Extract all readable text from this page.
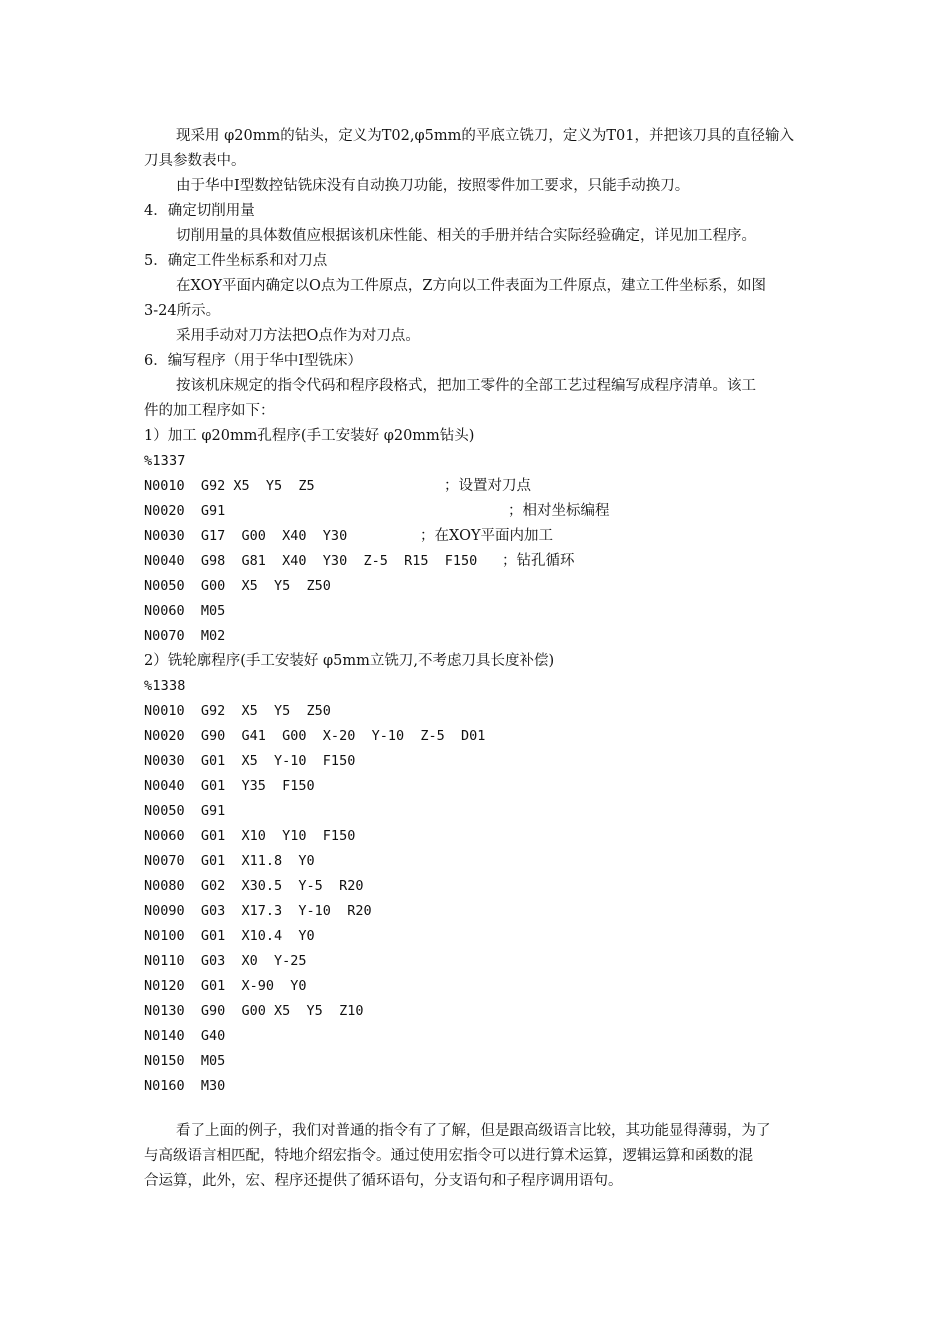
现采用 φ20mm的钻头，定义为T02,φ5mm的平底立铣刀，定义为T01，并把该刀具的直径输入
刀具参数表中。
由于华中Ⅰ型数控钻铣床没有自动换刀功能，按照零件加工要求，只能手动换刀。
4．确定切削用量
切削用量的具体数值应根据该机床性能、相关的手册并结合实际经验确定，详见加工程序。
5．确定工件坐标系和对刀点
在XOY平面内确定以O点为工件原点，Z方向以工件表面为工件原点，建立工件坐标系，如图
3-24所示。
采用手动对刀方法把O点作为对刀点。
6．编写程序（用于华中Ⅰ型铣床）
按该机床规定的指令代码和程序段格式，把加工零件的全部工艺过程编写成程序清单。该工
件的加工程序如下：
1）加工 φ20mm孔程序(手工安装好 φ20mm钻头)
%1337
N0010  G92 X5  Y5  Z5	；设置对刀点
N0020  G91	；相对坐标编程
N0030  G17  G00  X40  Y30	；在XOY平面内加工
N0040  G98  G81  X40  Y30  Z-5  R15  F150 ；钻孔循环
N0050  G00  X5  Y5  Z50
N0060  M05
N0070  M02
2）铣轮廓程序(手工安装好 φ5mm立铣刀,不考虑刀具长度补偿)
%1338
N0010  G92  X5  Y5  Z50
N0020  G90  G41  G00  X-20  Y-10  Z-5  D01
N0030  G01  X5  Y-10  F150
N0040  G01  Y35  F150
N0050  G91
N0060  G01  X10  Y10  F150
N0070  G01  X11.8  Y0
N0080  G02  X30.5  Y-5  R20
N0090  G03  X17.3  Y-10  R20
N0100  G01  X10.4  Y0
N0110  G03  X0  Y-25
N0120  G01  X-90  Y0
N0130  G90  G00 X5  Y5  Z10
N0140  G40
N0150  M05
N0160  M30
看了上面的例子，我们对普通的指令有了了解，但是跟高级语言比较，其功能显得薄弱，为了
与高级语言相匹配，特地介绍宏指令。通过使用宏指令可以进行算术运算，逻辑运算和函数的混
合运算，此外，宏、程序还提供了循环语句，分支语句和子程序调用语句。
